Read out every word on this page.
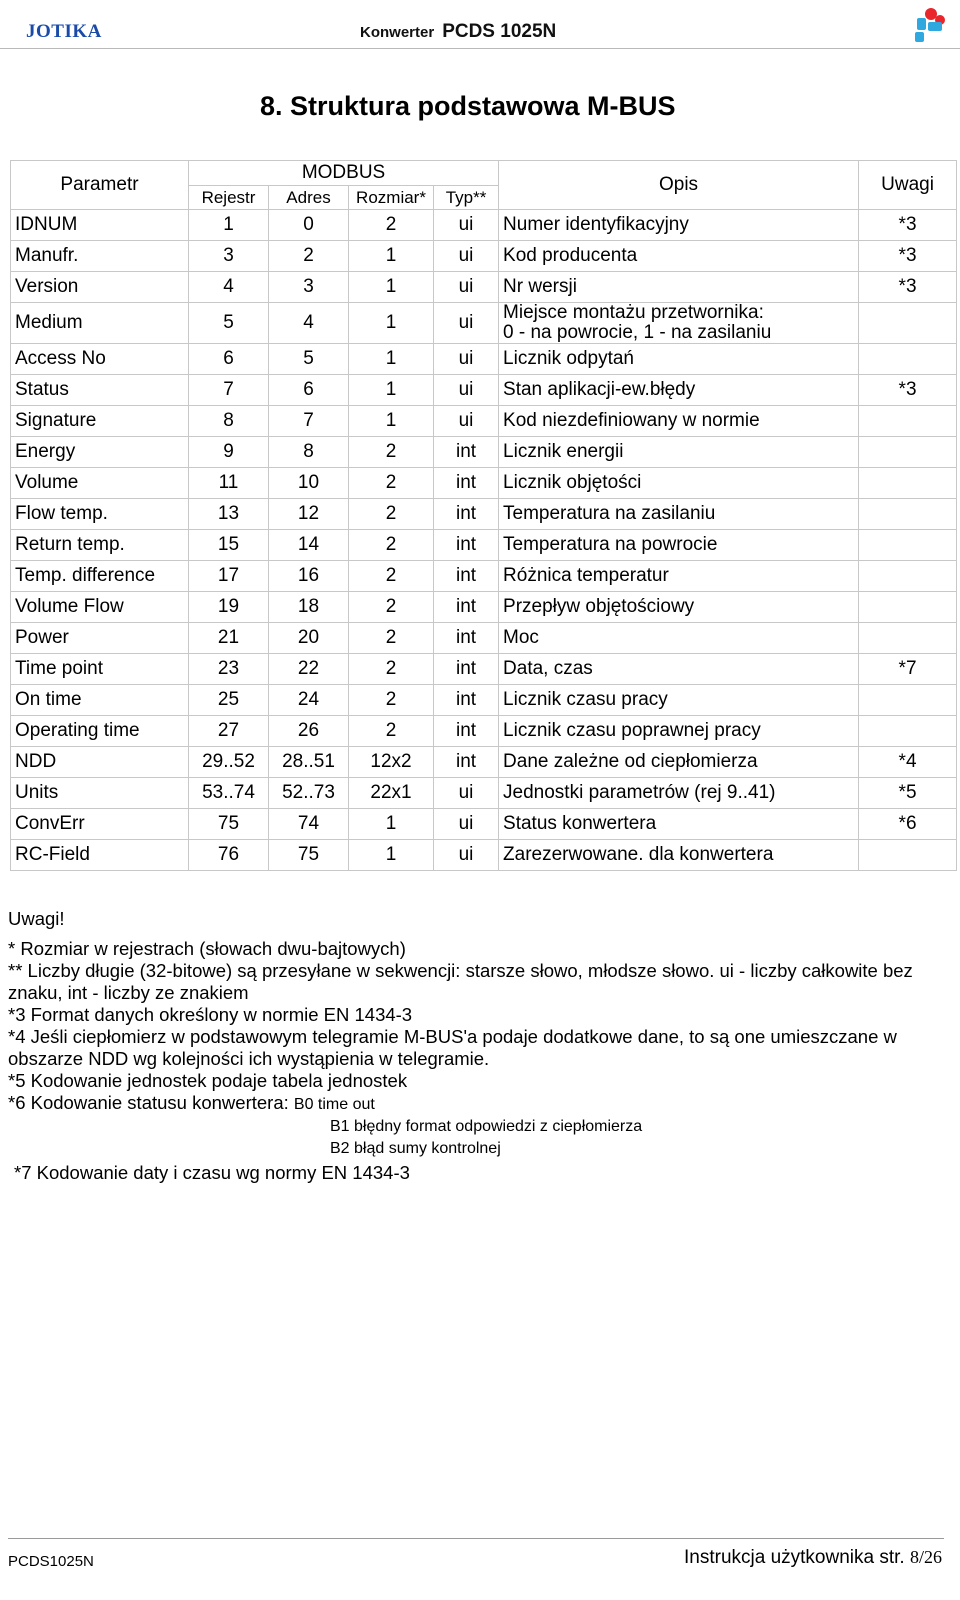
JOTIKA	Konwerter PCDS 1025N
8. Struktura podstawowa M-BUS
Parametr	MODBUS				Opis	Uwagi
	Rejestr	Adres	Rozmiar*	Typ**		
IDNUM	1	0	2	ui	Numer identyfikacyjny	*3
Manufr.	3	2	1	ui	Kod producenta	*3
Version	4	3	1	ui	Nr wersji	*3
Medium	5	4	1	ui	Miejsce montażu przetwornika:
0 - na powrocie, 1 - na zasilaniu	

Access No	6	5	1	ui	Licznik odpytań	
Status	7	6	1	ui	Stan aplikacji-ew.błędy	*3
Signature	8	7	1	ui	Kod niezdefiniowany w normie	
Energy	9	8	2	int	Licznik energii	
Volume	11	10	2	int	Licznik objętości	
Flow temp.	13	12	2	int	Temperatura na zasilaniu	
Return temp.	15	14	2	int	Temperatura na powrocie	
Temp. difference	17	16	2	int	Różnica temperatur	
Volume Flow	19	18	2	int	Przepływ objętościowy	
Power	21	20	2	int	Moc	
Time point	23	22	2	int	Data, czas	*7
On time	25	24	2	int	Licznik czasu pracy	
Operating time	27	26	2	int	Licznik czasu poprawnej pracy	
NDD	29..52	28..51	12x2	int	Dane zależne od ciepłomierza	*4
Units	53..74	52..73	22x1	ui	Jednostki parametrów (rej 9..41)	*5
ConvErr	75	74	1	ui	Status konwertera	*6
RC-Field	76	75	1	ui	Zarezerwowane. dla konwertera	
Uwagi!
* Rozmiar w rejestrach (słowach dwu-bajtowych)
** Liczby długie (32-bitowe) są przesyłane w sekwencji: starsze słowo, młodsze słowo. ui - liczby całkowite bez znaku, int - liczby ze znakiem
*3 Format danych określony w normie EN 1434-3
*4 Jeśli ciepłomierz w podstawowym telegramie M-BUS'a podaje dodatkowe dane, to są one umieszczane w obszarze NDD wg kolejności ich wystąpienia w telegramie.
*5 Kodowanie jednostek podaje tabela jednostek
*6 Kodowanie statusu konwertera: B0 time out
B1 błędny format odpowiedzi z ciepłomierza
B2 błąd sumy kontrolnej
*7 Kodowanie daty i czasu wg normy EN 1434-3
PCDS1025N	Instrukcja użytkownika str. 8/26
